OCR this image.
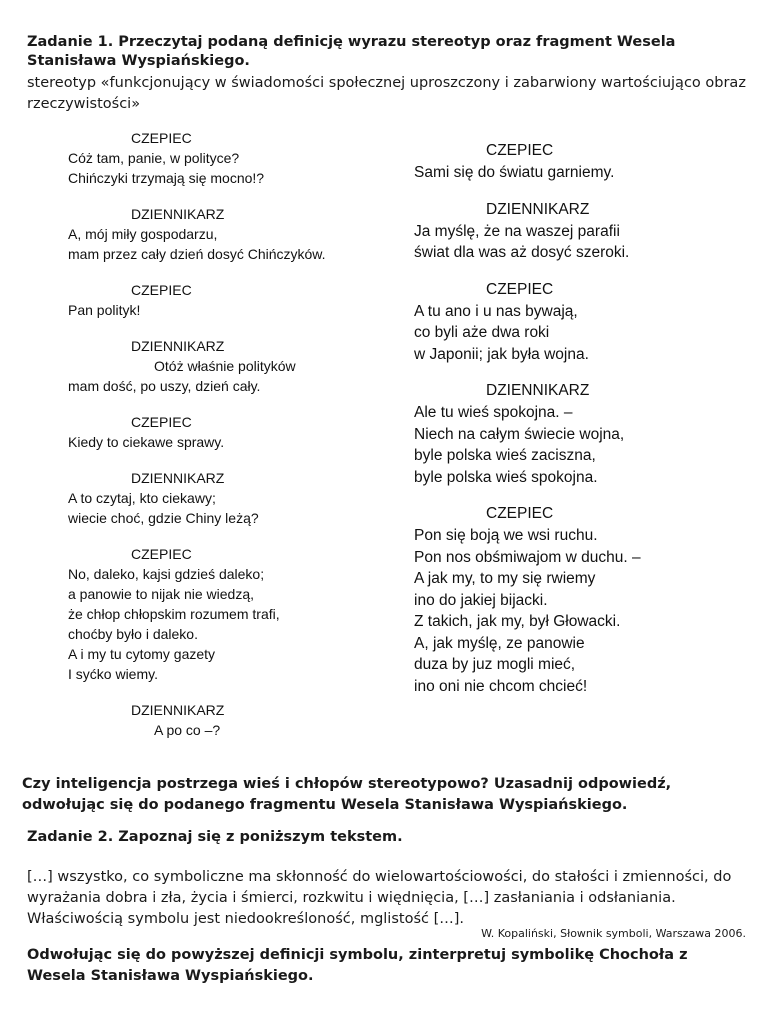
Zadanie 1. Przeczytaj podaną definicję wyrazu stereotyp oraz fragment Wesela Stanisława Wyspiańskiego.
stereotyp «funkcjonujący w świadomości społecznej uproszczony i zabarwiony wartościująco obraz rzeczywistości»
CZEPIEC
Cóż tam, panie, w polityce?
Chińczyki trzymają się mocno!?
DZIENNIKARZ
A, mój miły gospodarzu,
mam przez cały dzień dosyć Chińczyków.
CZEPIEC
Pan polityk!
DZIENNIKARZ
Otóż właśnie polityków
mam dość, po uszy, dzień cały.
CZEPIEC
Kiedy to ciekawe sprawy.
DZIENNIKARZ
A to czytaj, kto ciekawy;
wiecie choć, gdzie Chiny leżą?
CZEPIEC
No, daleko, kajsi gdzieś daleko;
a panowie to nijak nie wiedzą,
że chłop chłopskim rozumem trafi,
choćby było i daleko.
A i my tu cytomy gazety
I syćko wiemy.
DZIENNIKARZ
A po co –?
CZEPIEC
Sami się do światu garniemy.
DZIENNIKARZ
Ja myślę, że na waszej parafii
świat dla was aż dosyć szeroki.
CZEPIEC
A tu ano i u nas bywają,
co byli aże dwa roki
w Japonii; jak była wojna.
DZIENNIKARZ
Ale tu wieś spokojna. –
Niech na całym świecie wojna,
byle polska wieś zaciszna,
byle polska wieś spokojna.
CZEPIEC
Pon się boją we wsi ruchu.
Pon nos obśmiwajom w duchu. –
A jak my, to my się rwiemy
ino do jakiej bijacki.
Z takich, jak my, był Głowacki.
A, jak myślę, ze panowie
duza by juz mogli mieć,
ino oni nie chcom chcieć!
Czy inteligencja postrzega wieś i chłopów stereotypowo? Uzasadnij odpowiedź, odwołując się do podanego fragmentu Wesela Stanisława Wyspiańskiego.
Zadanie 2. Zapoznaj się z poniższym tekstem.
[…] wszystko, co symboliczne ma skłonność do wielowartościowości, do stałości i zmienności, do wyrażania dobra i zła, życia i śmierci, rozkwitu i więdnięcia, […] zasłaniania i odsłaniania. Właściwością symbolu jest niedookreśloność, mglistość […].
W. Kopaliński, Słownik symboli, Warszawa 2006.
Odwołując się do powyższej definicji symbolu, zinterpretuj symbolikę Chochoła z Wesela Stanisława Wyspiańskiego.
